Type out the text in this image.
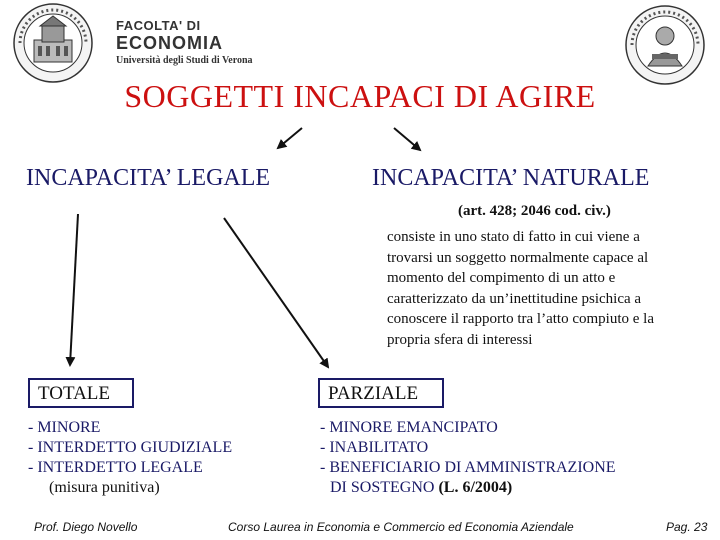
FACOLTA' DI
ECONOMIA
Università degli Studi di Verona
SOGGETTI INCAPACI DI AGIRE
INCAPACITA’ LEGALE	INCAPACITA’ NATURALE
(art. 428; 2046 cod. civ.)
consiste in uno stato di fatto in cui viene a
trovarsi un soggetto normalmente capace al
momento del compimento di un atto e
caratterizzato da un’inettitudine psichica a
conoscere il rapporto tra l’atto compiuto e la
propria sfera di interessi
TOTALE	PARZIALE
- MINORE
- INTERDETTO GIUDIZIALE
- INTERDETTO LEGALE
(misura punitiva)
- MINORE EMANCIPATO
- INABILITATO
- BENEFICIARIO DI AMMINISTRAZIONE
DI SOSTEGNO (L. 6/2004)
Prof. Diego Novello	Corso Laurea in Economia e Commercio ed Economia Aziendale	Pag. 23
